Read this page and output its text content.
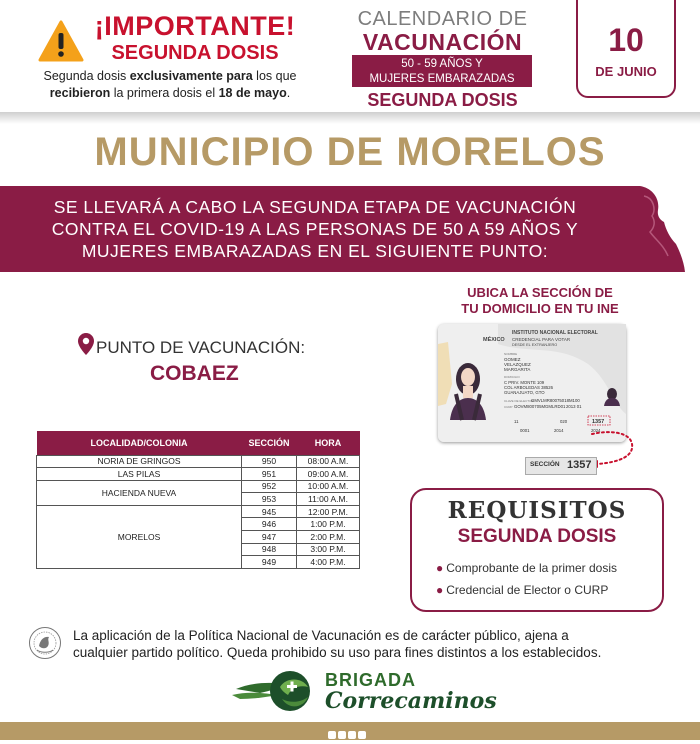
¡IMPORTANTE!
SEGUNDA DOSIS
Segunda dosis exclusivamente para los que
recibieron la primera dosis el 18 de mayo.
CALENDARIO DE
VACUNACIÓN
50 - 59 AÑOS Y
MUJERES EMBARAZADAS
SEGUNDA DOSIS
10
DE JUNIO
MUNICIPIO DE MORELOS
SE LLEVARÁ A CABO LA SEGUNDA ETAPA DE VACUNACIÓN
CONTRA EL COVID-19 A LAS PERSONAS DE 50 A 59 AÑOS Y
MUJERES EMBARAZADAS EN EL SIGUIENTE PUNTO:
PUNTO DE VACUNACIÓN:
COBAEZ
LOCALIDAD/COLONIA	SECCIÓN	HORA
NORIA DE GRINGOS	950	08:00 A.M.
LAS PILAS	951	09:00 A.M.
HACIENDA NUEVA	952	10:00 A.M.
	953	11:00 A.M.
MORELOS	945	12:00 P.M.
	946	1:00 P.M.
	947	2:00 P.M.
	948	3:00 P.M.
	949	4:00 P.M.
UBICA LA SECCIÓN DE
TU DOMICILIO EN TU INE
MÉXICO
INSTITUTO NACIONAL ELECTORAL
CREDENCIAL PARA VOTAR
DESDE EL EXTRANJERO
NOMBRE
GOMEZ
VELAZQUEZ
MARGARITA
DOMICILIO
C PRIV. MONTE 109
COL ARBOLEDAS 38526
GUANAJUATO, GTO
CLAVE DE ELECTOR
GMVLMR80075018M100
CURP GOVM800705MGMLRD01 2013 01
11	020	1357
0001	2014	2024
SECCIÓN 1357
REQUISITOS
SEGUNDA DOSIS
● Comprobante de la primer dosis
● Credencial de Elector o CURP
La aplicación de la Política Nacional de Vacunación es de carácter público, ajena a
cualquier partido político. Queda prohibido su uso para fines distintos a los establecidos.
BRIGADA
Correcaminos
